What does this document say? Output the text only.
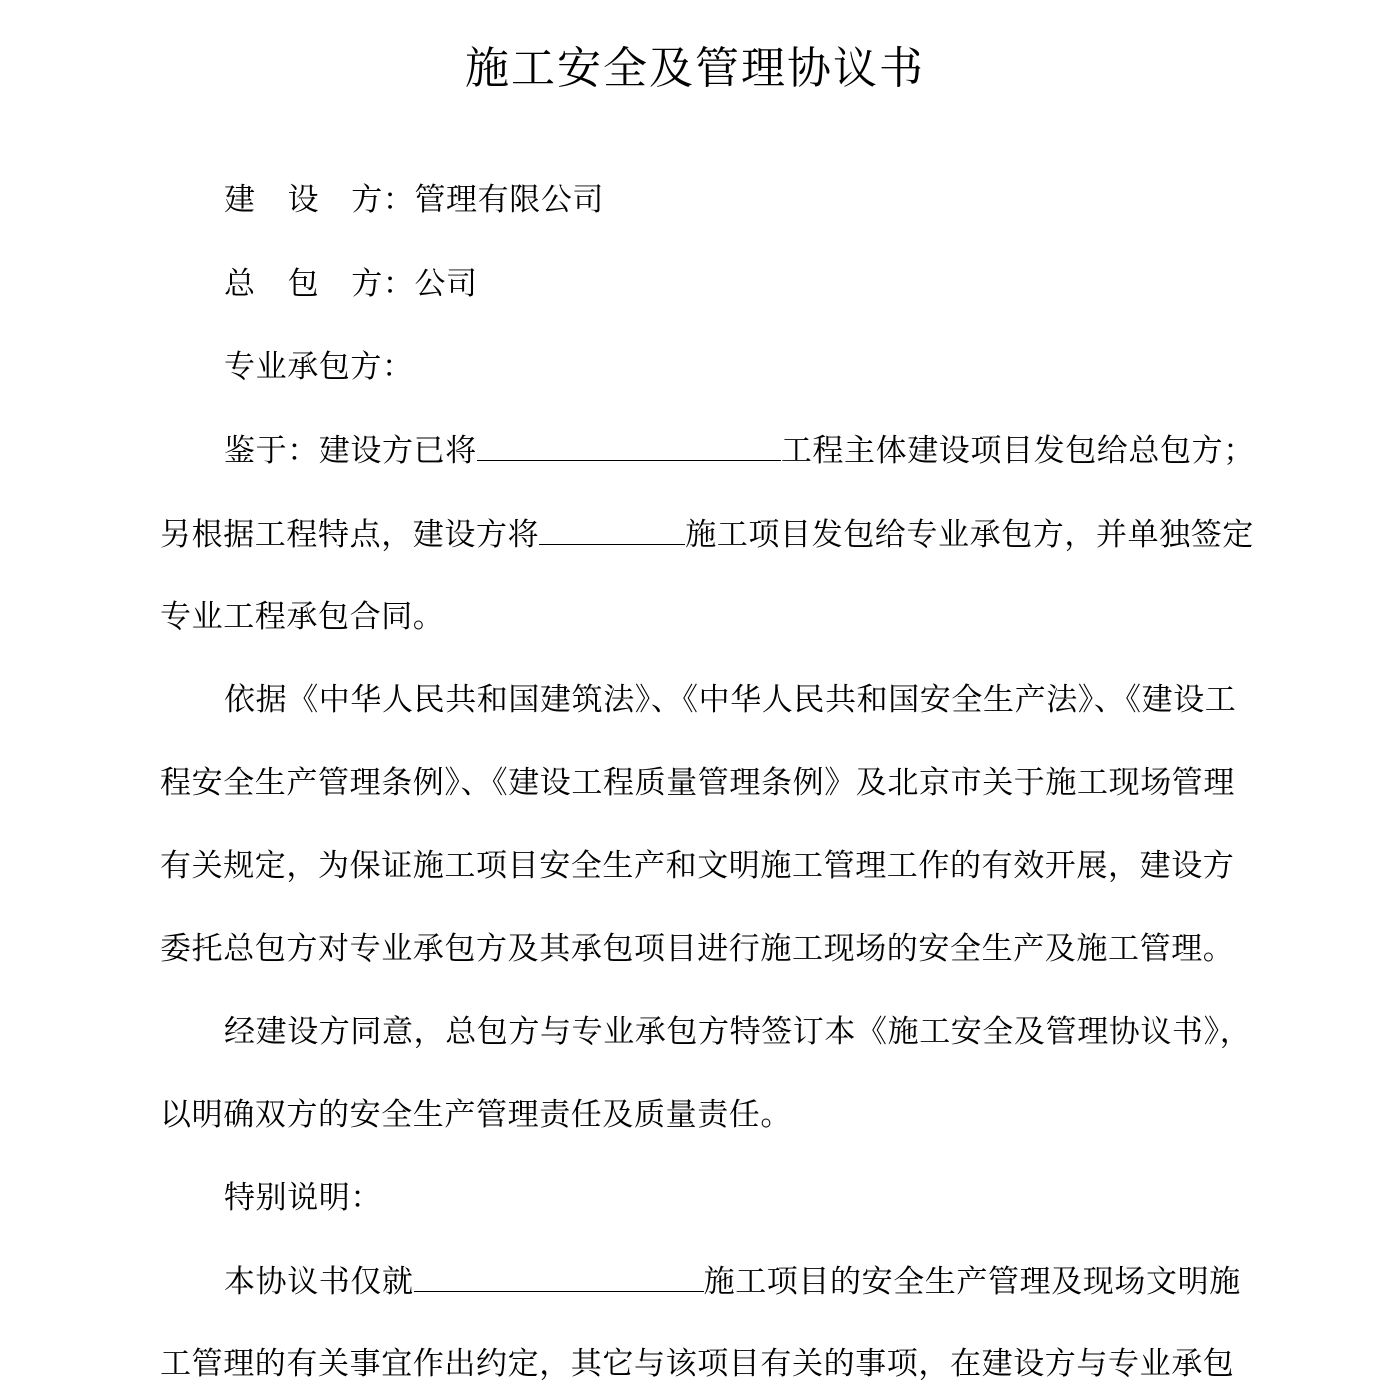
施工安全及管理协议书
建 设 方：管理有限公司
总 包 方：公司
专业承包方：
鉴于：建设方已将	工程主体建设项目发包给总包方；
另根据工程特点，建设方将	施工项目发包给专业承包方，并单独签定
专业工程承包合同。
依据《中华人民共和国建筑法》、《中华人民共和国安全生产法》、《建设工
程安全生产管理条例》、《建设工程质量管理条例》及北京市关于施工现场管理
有关规定，为保证施工项目安全生产和文明施工管理工作的有效开展，建设方
委托总包方对专业承包方及其承包项目进行施工现场的安全生产及施工管理。
经建设方同意，总包方与专业承包方特签订本《施工安全及管理协议书》，
以明确双方的安全生产管理责任及质量责任。
特别说明：
本协议书仅就	施工项目的安全生产管理及现场文明施
工管理的有关事宜作出约定，其它与该项目有关的事项，在建设方与专业承包
